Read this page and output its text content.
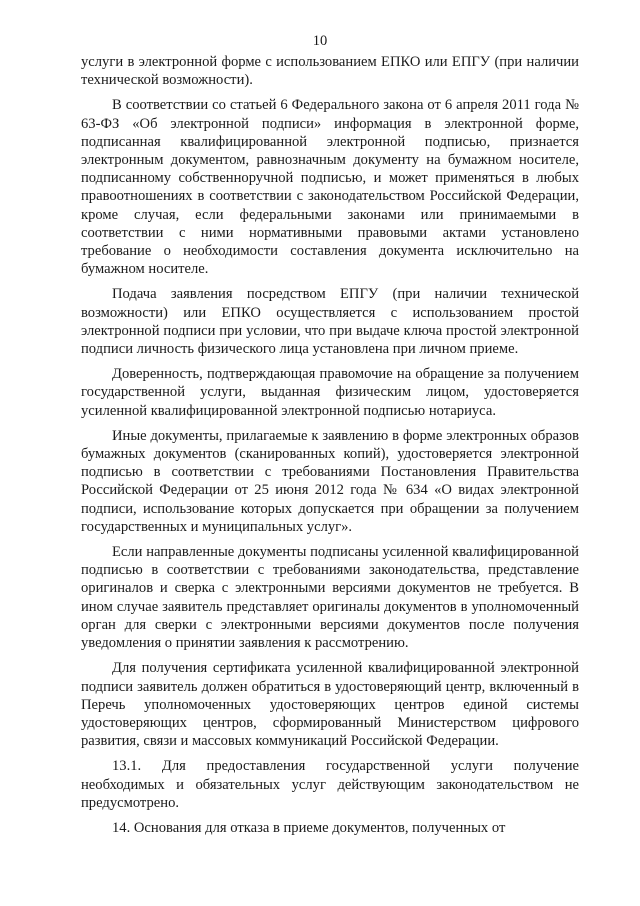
10

услуги в электронной форме с использованием ЕПКО или ЕПГУ (при наличии технической возможности).

В соответствии со статьей 6 Федерального закона от 6 апреля 2011 года № 63-ФЗ «Об электронной подписи» информация в электронной форме, подписанная квалифицированной электронной подписью, признается электронным документом, равнозначным документу на бумажном носителе, подписанному собственноручной подписью, и может применяться в любых правоотношениях в соответствии с законодательством Российской Федерации, кроме случая, если федеральными законами или принимаемыми в соответствии с ними нормативными правовыми актами установлено требование о необходимости составления документа исключительно на бумажном носителе.

Подача заявления посредством ЕПГУ (при наличии технической возможности) или ЕПКО осуществляется с использованием простой электронной подписи при условии, что при выдаче ключа простой электронной подписи личность физического лица установлена при личном приеме.

Доверенность, подтверждающая правомочие на обращение за получением государственной услуги, выданная физическим лицом, удостоверяется усиленной квалифицированной электронной подписью нотариуса.

Иные документы, прилагаемые к заявлению в форме электронных образов бумажных документов (сканированных копий), удостоверяется электронной подписью в соответствии с требованиями Постановления Правительства Российской Федерации от 25 июня 2012 года № 634 «О видах электронной подписи, использование которых допускается при обращении за получением государственных и муниципальных услуг».

Если направленные документы подписаны усиленной квалифицированной подписью в соответствии с требованиями законодательства, представление оригиналов и сверка с электронными версиями документов не требуется. В ином случае заявитель представляет оригиналы документов в уполномоченный орган для сверки с электронными версиями документов после получения уведомления о принятии заявления к рассмотрению.

Для получения сертификата усиленной квалифицированной электронной подписи заявитель должен обратиться в удостоверяющий центр, включенный в Перечь уполномоченных удостоверяющих центров единой системы удостоверяющих центров, сформированный Министерством цифрового развития, связи и массовых коммуникаций Российской Федерации.

13.1. Для предоставления государственной услуги получение необходимых и обязательных услуг действующим законодательством не предусмотрено.

14. Основания для отказа в приеме документов, полученных от
